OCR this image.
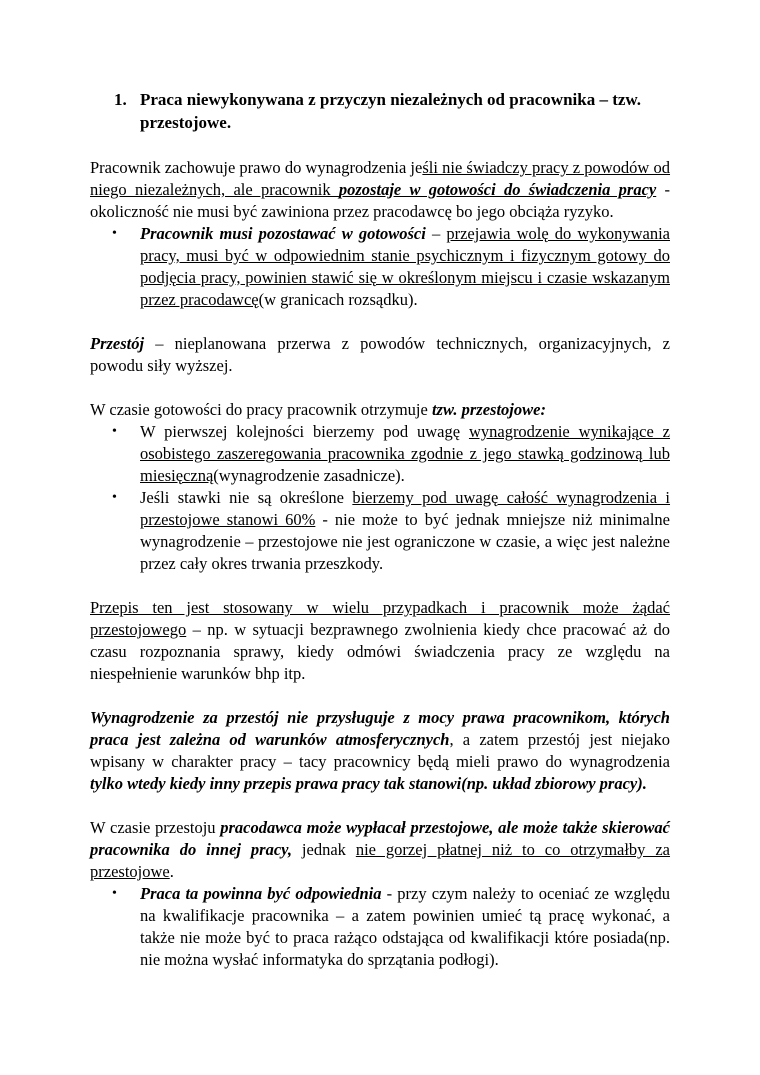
1. Praca niewykonywana z przyczyn niezależnych od pracownika – tzw. przestojowe.

Pracownik zachowuje prawo do wynagrodzenia jeśli nie świadczy pracy z powodów od niego niezależnych, ale pracownik pozostaje w gotowości do świadczenia pracy - okoliczność nie musi być zawiniona przez pracodawcę bo jego obciąża ryzyko.

• Pracownik musi pozostawać w gotowości – przejawia wolę do wykonywania pracy, musi być w odpowiednim stanie psychicznym i fizycznym gotowy do podjęcia pracy, powinien stawić się w określonym miejscu i czasie wskazanym przez pracodawcę(w granicach rozsądku).

Przestój – nieplanowana przerwa z powodów technicznych, organizacyjnych, z powodu siły wyższej.

W czasie gotowości do pracy pracownik otrzymuje tzw. przestojowe:

• W pierwszej kolejności bierzemy pod uwagę wynagrodzenie wynikające z osobistego zaszeregowania pracownika zgodnie z jego stawką godzinową lub miesięczną(wynagrodzenie zasadnicze).
• Jeśli stawki nie są określone bierzemy pod uwagę całość wynagrodzenia i przestojowe stanowi 60% - nie może to być jednak mniejsze niż minimalne wynagrodzenie – przestojowe nie jest ograniczone w czasie, a więc jest należne przez cały okres trwania przeszkody.

Przepis ten jest stosowany w wielu przypadkach i pracownik może żądać przestojowego – np. w sytuacji bezprawnego zwolnienia kiedy chce pracować aż do czasu rozpoznania sprawy, kiedy odmówi świadczenia pracy ze względu na niespełnienie warunków bhp itp.

Wynagrodzenie za przestój nie przysługuje z mocy prawa pracownikom, których praca jest zależna od warunków atmosferycznych, a zatem przestój jest niejako wpisany w charakter pracy – tacy pracownicy będą mieli prawo do wynagrodzenia tylko wtedy kiedy inny przepis prawa pracy tak stanowi(np. układ zbiorowy pracy).

W czasie przestoju pracodawca może wypłacał przestojowe, ale może także skierować pracownika do innej pracy, jednak nie gorzej płatnej niż to co otrzymałby za przestojowe.

• Praca ta powinna być odpowiednia - przy czym należy to oceniać ze względu na kwalifikacje pracownika – a zatem powinien umieć tą pracę wykonać, a także nie może być to praca rażąco odstająca od kwalifikacji które posiada(np. nie można wysłać informatyka do sprzątania podłogi).
